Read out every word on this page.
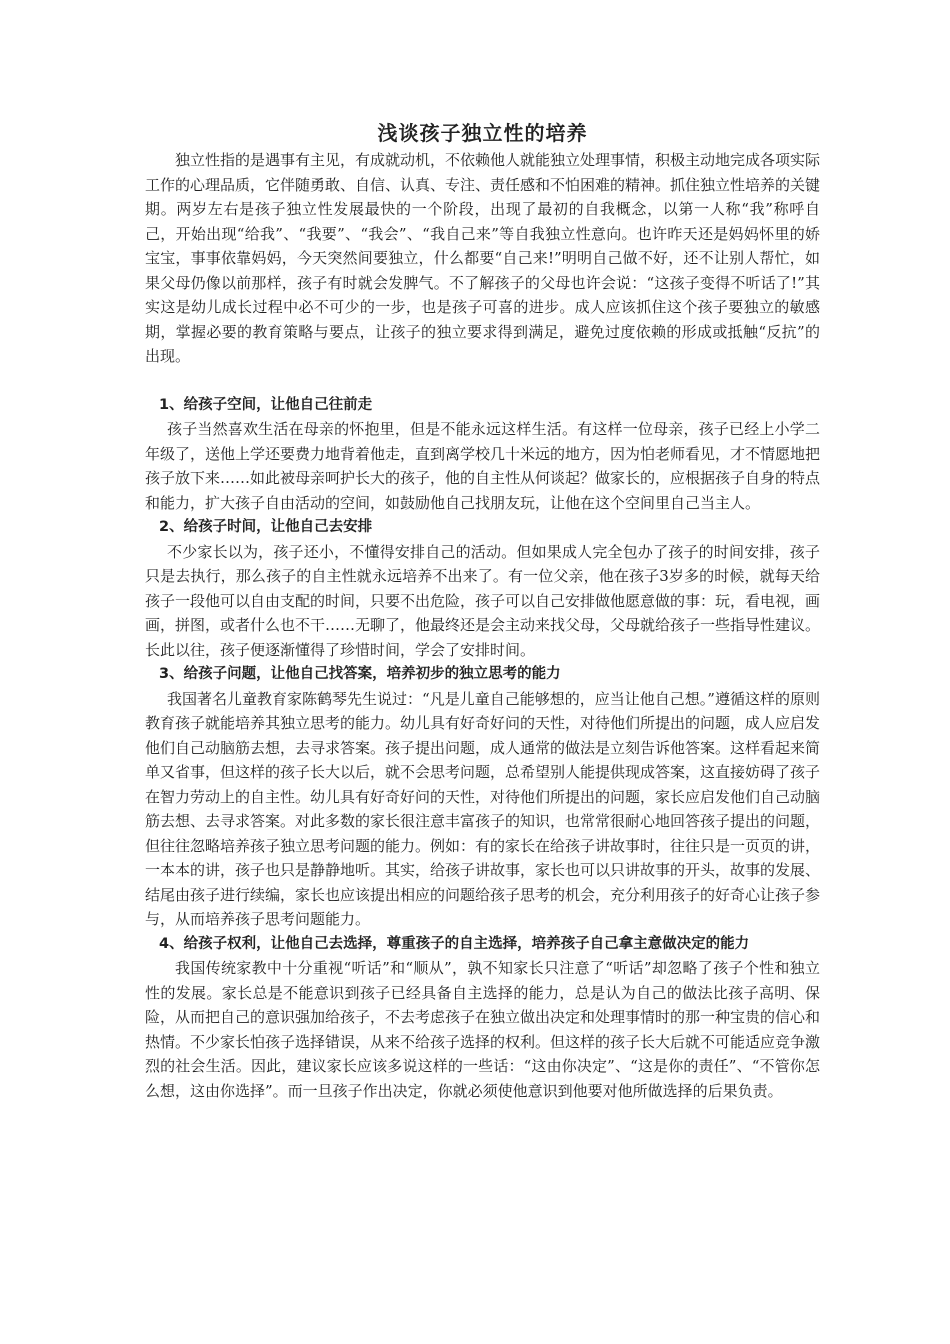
浅谈孩子独立性的培养

独立性指的是遇事有主见，有成就动机，不依赖他人就能独立处理事情，积极主动地完成各项实际工作的心理品质，它伴随勇敢、自信、认真、专注、责任感和不怕困难的精神。抓住独立性培养的关键期。两岁左右是孩子独立性发展最快的一个阶段，出现了最初的自我概念，以第一人称“我”称呼自己，开始出现“给我”、“我要”、“我会”、“我自己来”等自我独立性意向。也许昨天还是妈妈怀里的娇宝宝，事事依靠妈妈，今天突然间要独立，什么都要“自己来!”明明自己做不好，还不让别人帮忙，如果父母仍像以前那样，孩子有时就会发脾气。不了解孩子的父母也许会说：“这孩子变得不听话了!”其实这是幼儿成长过程中必不可少的一步，也是孩子可喜的进步。成人应该抓住这个孩子要独立的敏感期，掌握必要的教育策略与要点，让孩子的独立要求得到满足，避免过度依赖的形成或抵触“反抗”的出现。

1、给孩子空间，让他自己往前走

孩子当然喜欢生活在母亲的怀抱里，但是不能永远这样生活。有这样一位母亲，孩子已经上小学二年级了，送他上学还要费力地背着他走，直到离学校几十米远的地方，因为怕老师看见，才不情愿地把孩子放下来……如此被母亲呵护长大的孩子，他的自主性从何谈起？做家长的，应根据孩子自身的特点和能力，扩大孩子自由活动的空间，如鼓励他自己找朋友玩，让他在这个空间里自己当主人。

2、给孩子时间，让他自己去安排

不少家长以为，孩子还小，不懂得安排自己的活动。但如果成人完全包办了孩子的时间安排，孩子只是去执行，那么孩子的自主性就永远培养不出来了。有一位父亲，他在孩子3岁多的时候，就每天给孩子一段他可以自由支配的时间，只要不出危险，孩子可以自己安排做他愿意做的事：玩，看电视，画画，拼图，或者什么也不干……无聊了，他最终还是会主动来找父母，父母就给孩子一些指导性建议。长此以往，孩子便逐渐懂得了珍惜时间，学会了安排时间。

3、给孩子问题，让他自己找答案，培养初步的独立思考的能力

我国著名儿童教育家陈鹤琴先生说过：“凡是儿童自己能够想的，应当让他自己想。”遵循这样的原则教育孩子就能培养其独立思考的能力。幼儿具有好奇好问的天性，对待他们所提出的问题，成人应启发他们自己动脑筋去想，去寻求答案。孩子提出问题，成人通常的做法是立刻告诉他答案。这样看起来简单又省事，但这样的孩子长大以后，就不会思考问题，总希望别人能提供现成答案，这直接妨碍了孩子在智力劳动上的自主性。幼儿具有好奇好问的天性，对待他们所提出的问题，家长应启发他们自己动脑筋去想、去寻求答案。对此多数的家长很注意丰富孩子的知识，也常常很耐心地回答孩子提出的问题，但往往忽略培养孩子独立思考问题的能力。例如：有的家长在给孩子讲故事时，往往只是一页页的讲，一本本的讲，孩子也只是静静地听。其实，给孩子讲故事，家长也可以只讲故事的开头，故事的发展、结尾由孩子进行续编，家长也应该提出相应的问题给孩子思考的机会，充分利用孩子的好奇心让孩子参与，从而培养孩子思考问题能力。

4、给孩子权利，让他自己去选择，尊重孩子的自主选择，培养孩子自己拿主意做决定的能力

我国传统家教中十分重视“听话”和“顺从”，孰不知家长只注意了“听话”却忽略了孩子个性和独立性的发展。家长总是不能意识到孩子已经具备自主选择的能力，总是认为自己的做法比孩子高明、保险，从而把自己的意识强加给孩子，不去考虑孩子在独立做出决定和处理事情时的那一种宝贵的信心和热情。不少家长怕孩子选择错误，从来不给孩子选择的权利。但这样的孩子长大后就不可能适应竞争激烈的社会生活。因此，建议家长应该多说这样的一些话：“这由你决定”、“这是你的责任”、“不管你怎么想，这由你选择”。而一旦孩子作出决定，你就必须使他意识到他要对他所做选择的后果负责。
